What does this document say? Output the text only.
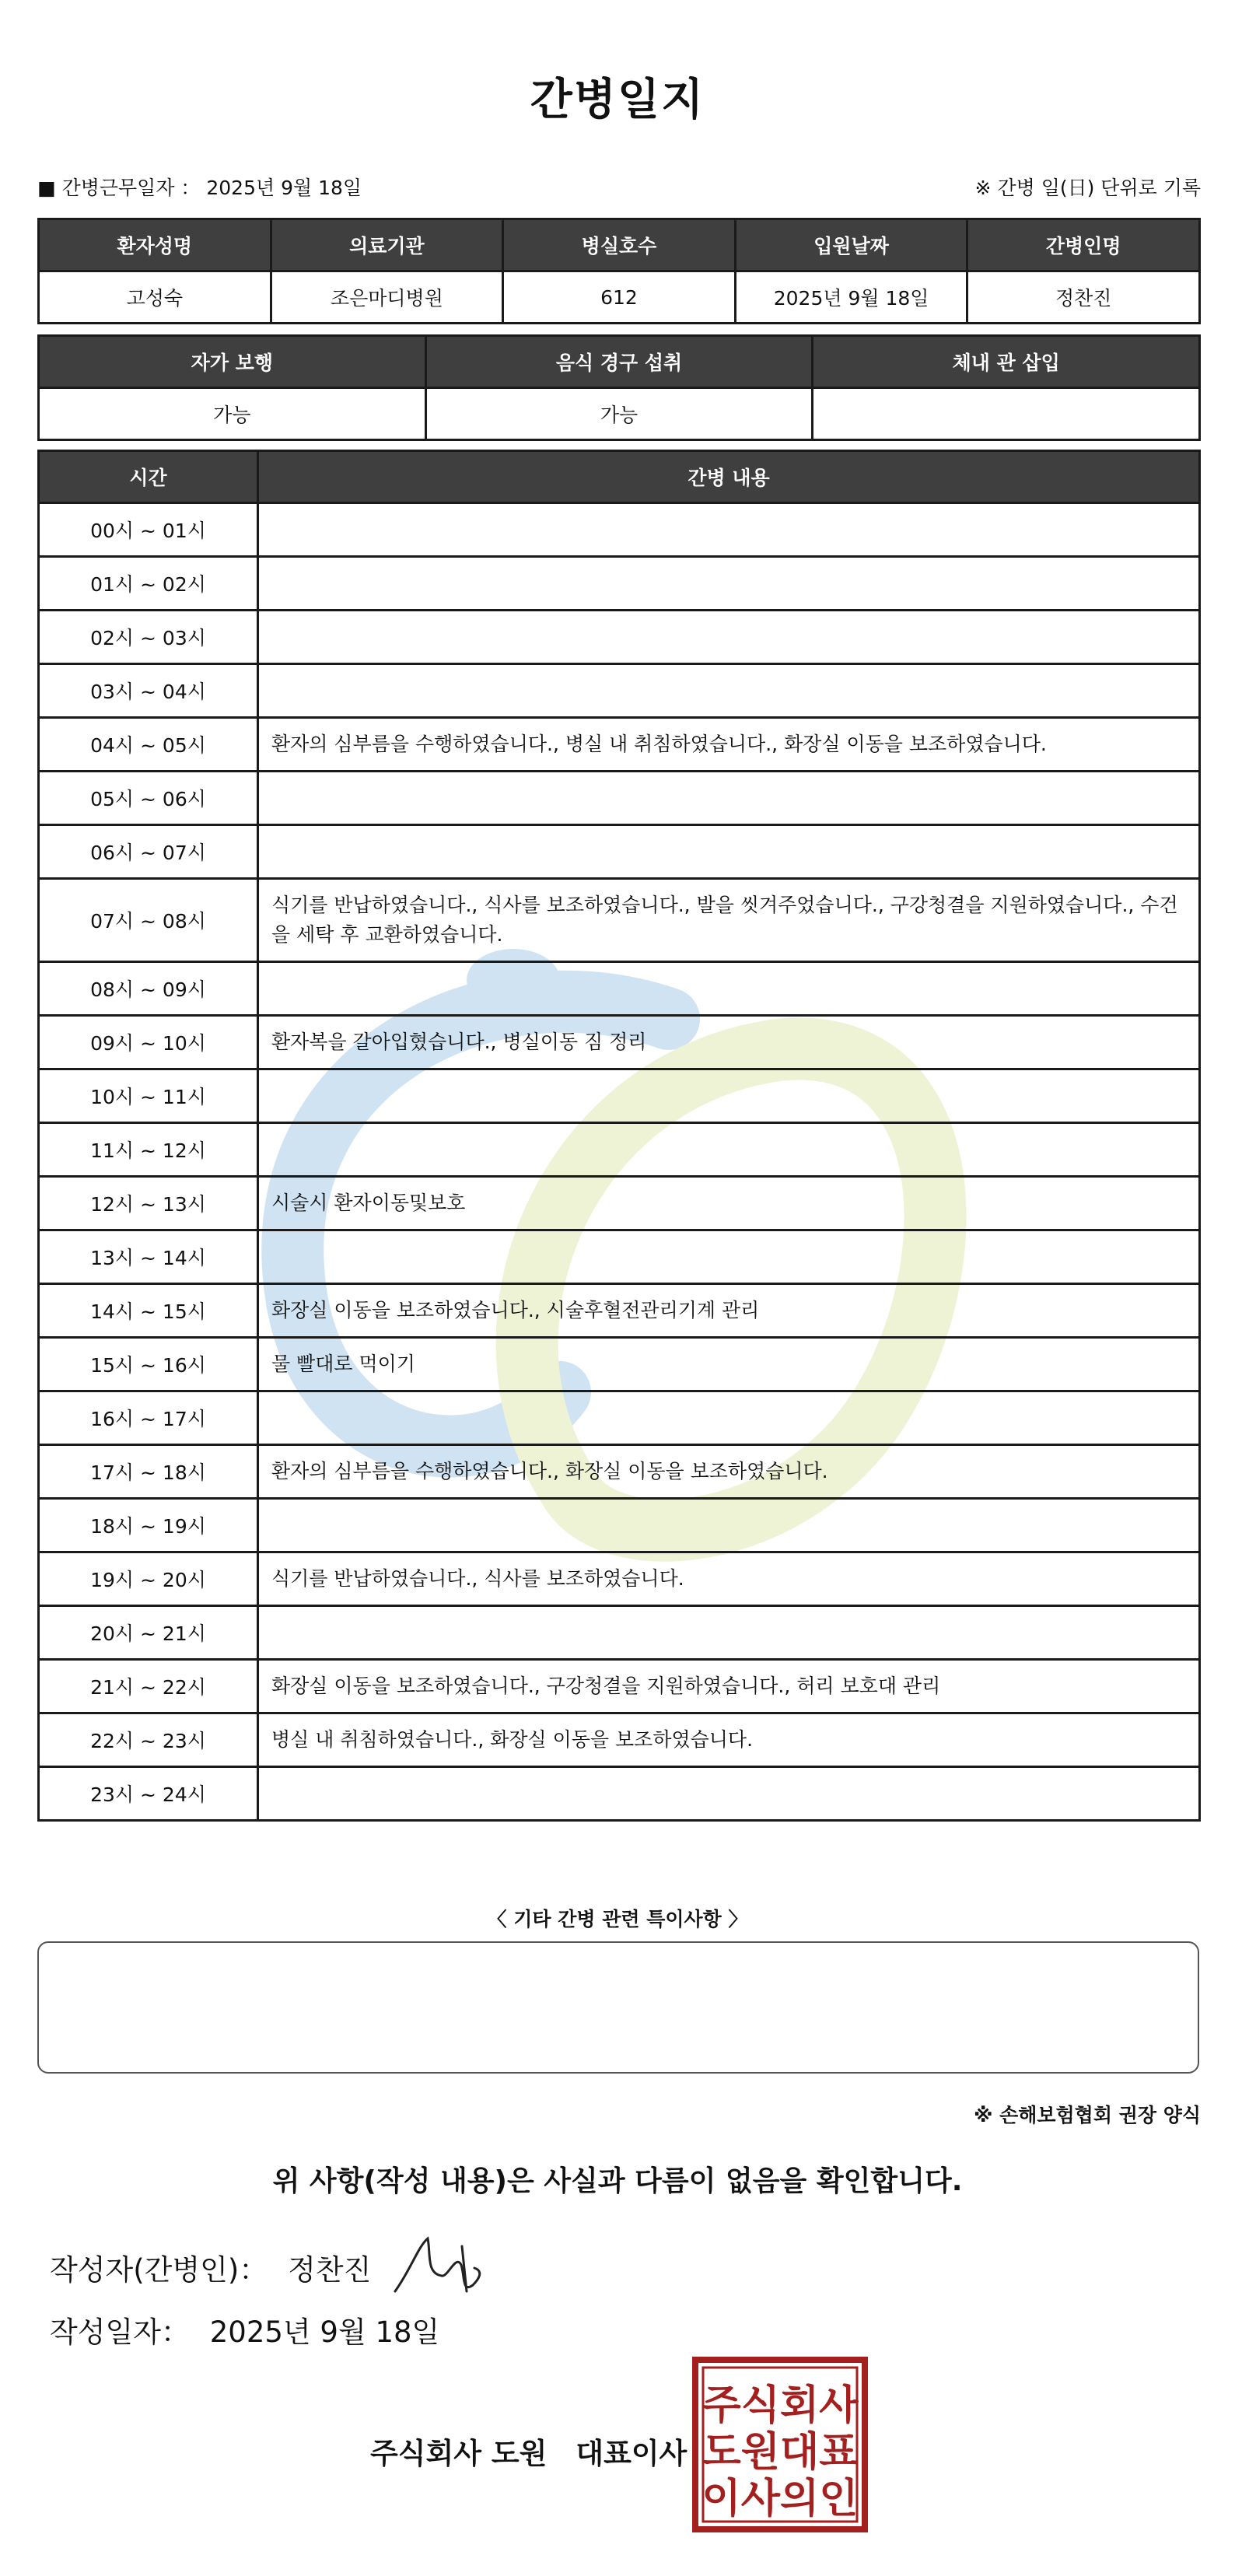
간병일지
■ 간병근무일자 ： 2025년 9월 18일	※ 간병 일(日) 단위로 기록
환자성명	의료기관	병실호수	입원날짜	간병인명
고성숙	조은마디병원	612	2025년 9월 18일	정찬진
자가 보행	음식 경구 섭취	체내 관 삽입
가능	가능	
시간	간병 내용
00시 ~ 01시	
01시 ~ 02시	
02시 ~ 03시	
03시 ~ 04시	
04시 ~ 05시	환자의 심부름을 수행하였습니다., 병실 내 취침하였습니다., 화장실 이동을 보조하였습니다.
05시 ~ 06시	
06시 ~ 07시	
07시 ~ 08시	식기를 반납하였습니다., 식사를 보조하였습니다., 발을 씻겨주었습니다., 구강청결을 지원하였습니다., 수건을 세탁 후 교환하였습니다.
08시 ~ 09시	
09시 ~ 10시	환자복을 갈아입혔습니다., 병실이동 짐 정리
10시 ~ 11시	
11시 ~ 12시	
12시 ~ 13시	시술시 환자이동및보호
13시 ~ 14시	
14시 ~ 15시	화장실 이동을 보조하였습니다., 시술후혈전관리기계 관리
15시 ~ 16시	물 빨대로 먹이기
16시 ~ 17시	
17시 ~ 18시	환자의 심부름을 수행하였습니다., 화장실 이동을 보조하였습니다.
18시 ~ 19시	
19시 ~ 20시	식기를 반납하였습니다., 식사를 보조하였습니다.
20시 ~ 21시	
21시 ~ 22시	화장실 이동을 보조하였습니다., 구강청결을 지원하였습니다., 허리 보호대 관리
22시 ~ 23시	병실 내 취침하였습니다., 화장실 이동을 보조하였습니다.
23시 ~ 24시	
〈 기타 간병 관련 특이사항 〉
※ 손해보험협회 권장 양식
위 사항(작성 내용)은 사실과 다름이 없음을 확인합니다.
작성자(간병인)： 정찬진
작성일자： 2025년 9월 18일
주식회사 도원　대표이사
주식회사
도원대표
이사의인
